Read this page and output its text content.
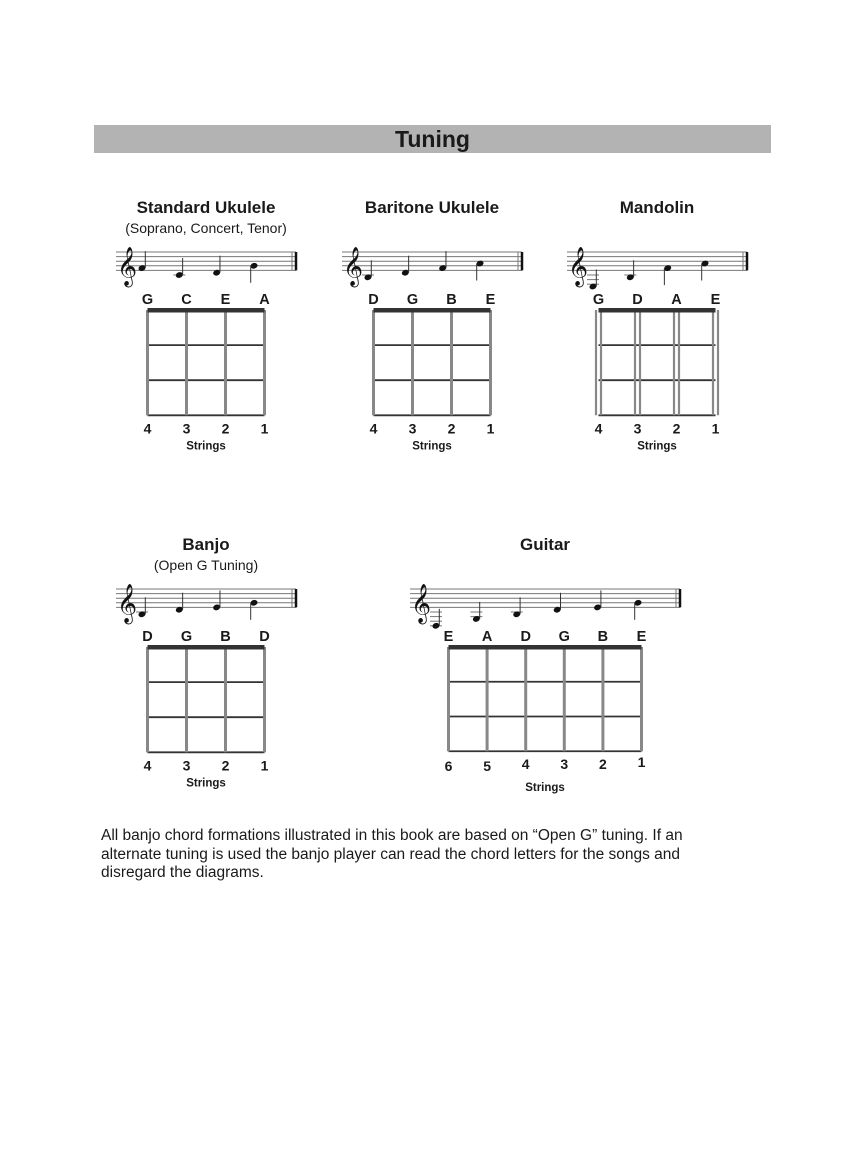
Tuning
Standard Ukulele
(Soprano, Concert, Tenor)
𝄞
G C E A
4 3 2 1
Strings
Baritone Ukulele
𝄞
D G B E
4 3 2 1
Strings
Mandolin
𝄞
G D A E
4 3 2 1
Strings
Banjo
(Open G Tuning)
𝄞
D G B D
4 3 2 1
Strings
Guitar
𝄞
E A D G B E
6 5 4 3 2 1
Strings
All banjo chord formations illustrated in this book are based on “Open G” tuning. If an alternate tuning is used the banjo player can read the chord letters for the songs and disregard the diagrams.
